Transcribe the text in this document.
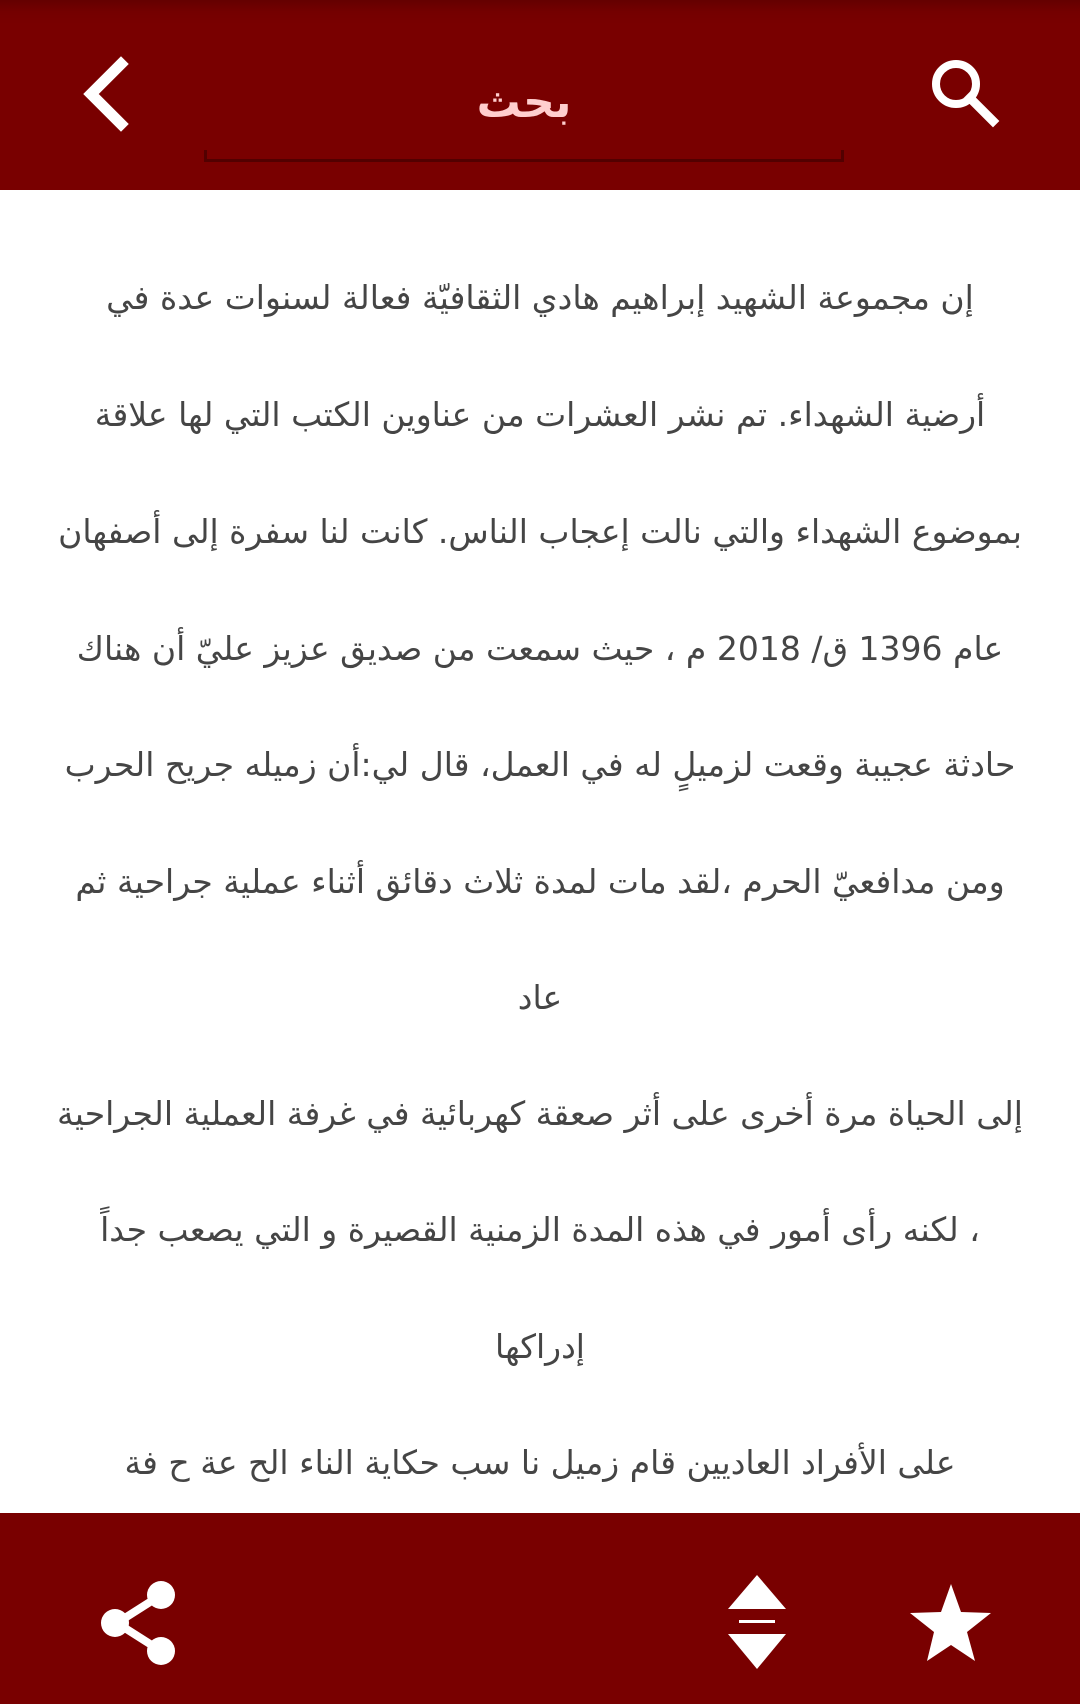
بحث
إن مجموعة الشهيد إبراهيم هادي الثقافيّة فعالة لسنوات عدة في
أرضية الشهداء. تم نشر العشرات من عناوين الكتب التي لها علاقة
بموضوع الشهداء والتي نالت إعجاب الناس. كانت لنا سفرة إلى أصفهان
عام 1396 ق/ 2018 م ، حيث سمعت من صديق عزيز عليّ أن هناك
حادثة عجيبة وقعت لزميلٍ له في العمل، قال لي:أن زميله جريح الحرب
ومن مدافعيّ الحرم ،لقد مات لمدة ثلاث دقائق أثناء عملية جراحية ثم
عاد
إلى الحياة مرة أخرى على أثر صعقة كهربائية في غرفة العملية الجراحية
، لكنه رأى أمور في هذه المدة الزمنية القصيرة و التي يصعب جداً
إدراكها
على الأفراد العاديين قام زميل نا سب حكاية الناء الح عة ح فة
